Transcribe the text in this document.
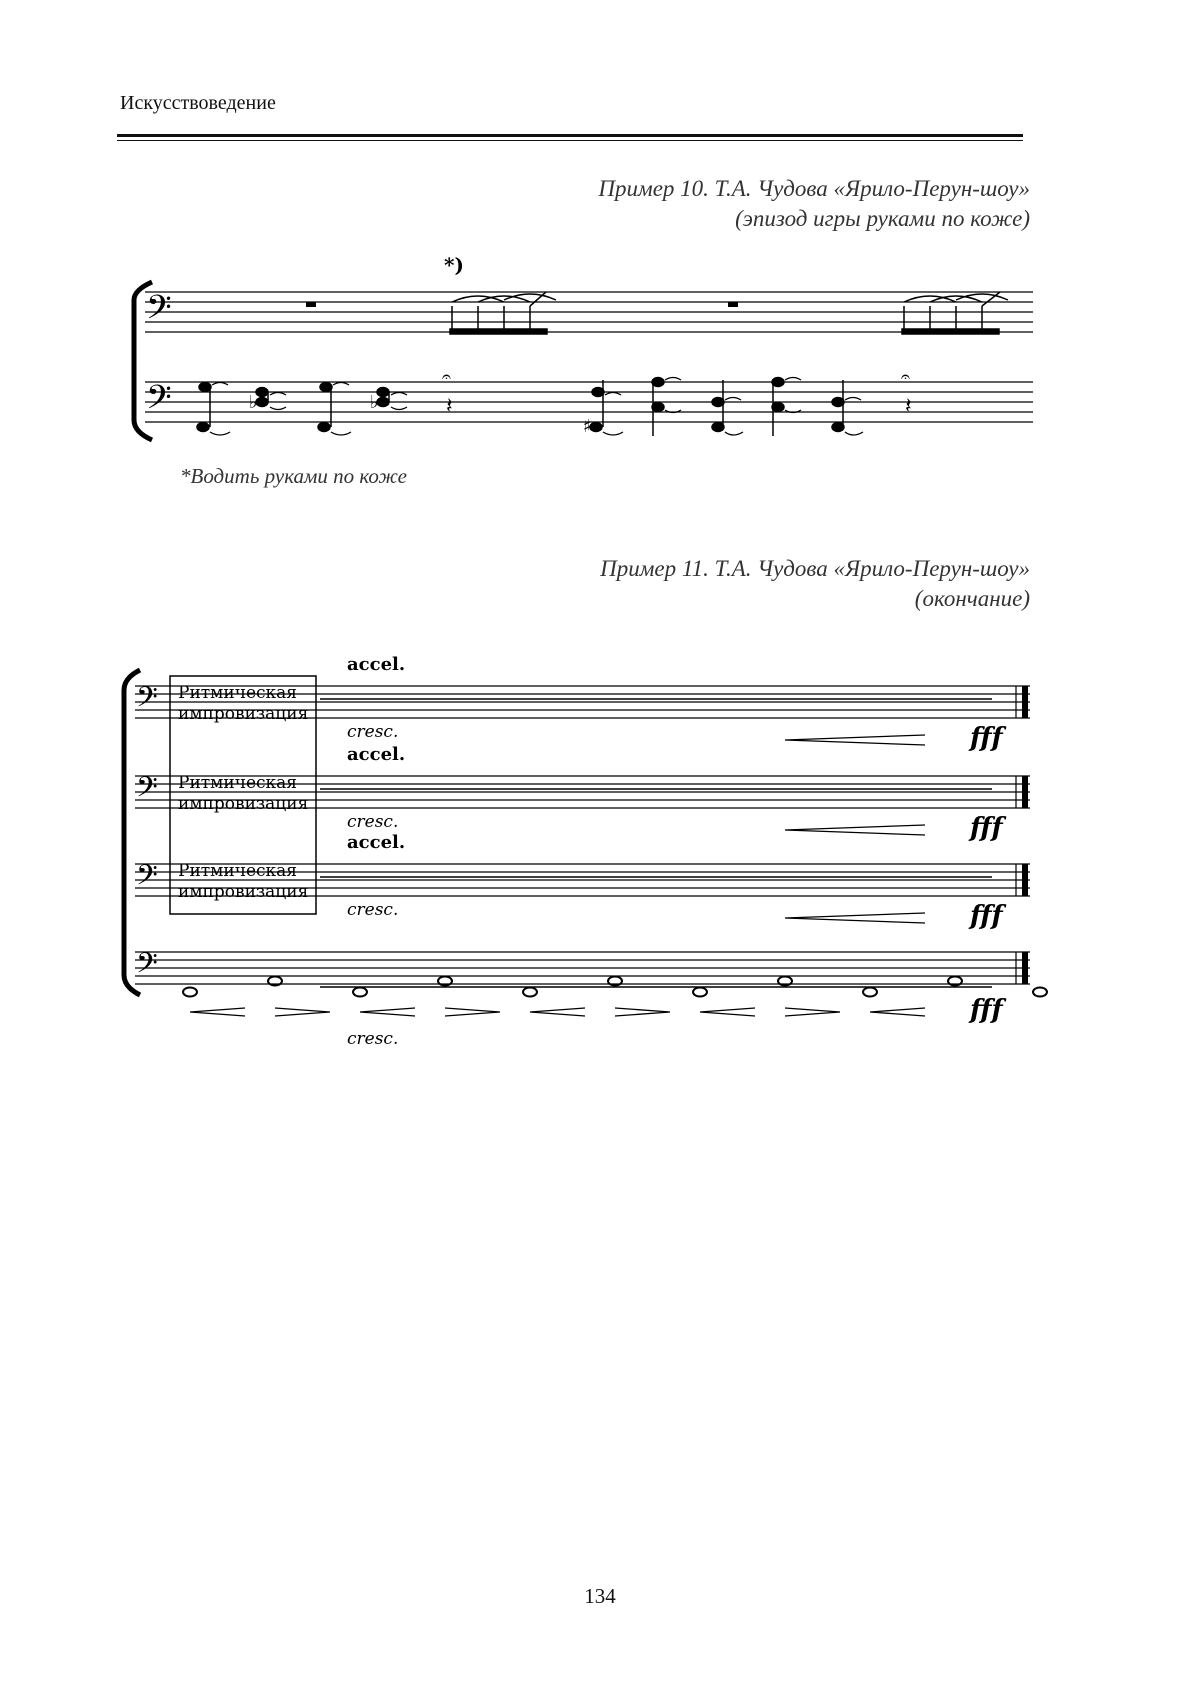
Искусствоведение
Пример 10. Т.А. Чудова «Ярило-Перун-шоу»
(эпизод игры руками по коже)
𝄢
𝄢
*)
♭	♭
♯
𝄽
𝄐
𝄽
𝄐
*Водить руками по коже
Пример 11. Т.А. Чудова «Ярило-Перун-шоу»
(окончание)
𝄢
𝄢
𝄢
𝄢
Ритмическая
импровизация
accel.
cresc.	fff
Ритмическая
импровизация
accel.
cresc.	fff
Ритмическая
импровизация
accel.
cresc.	fff
fff
cresc.
134
